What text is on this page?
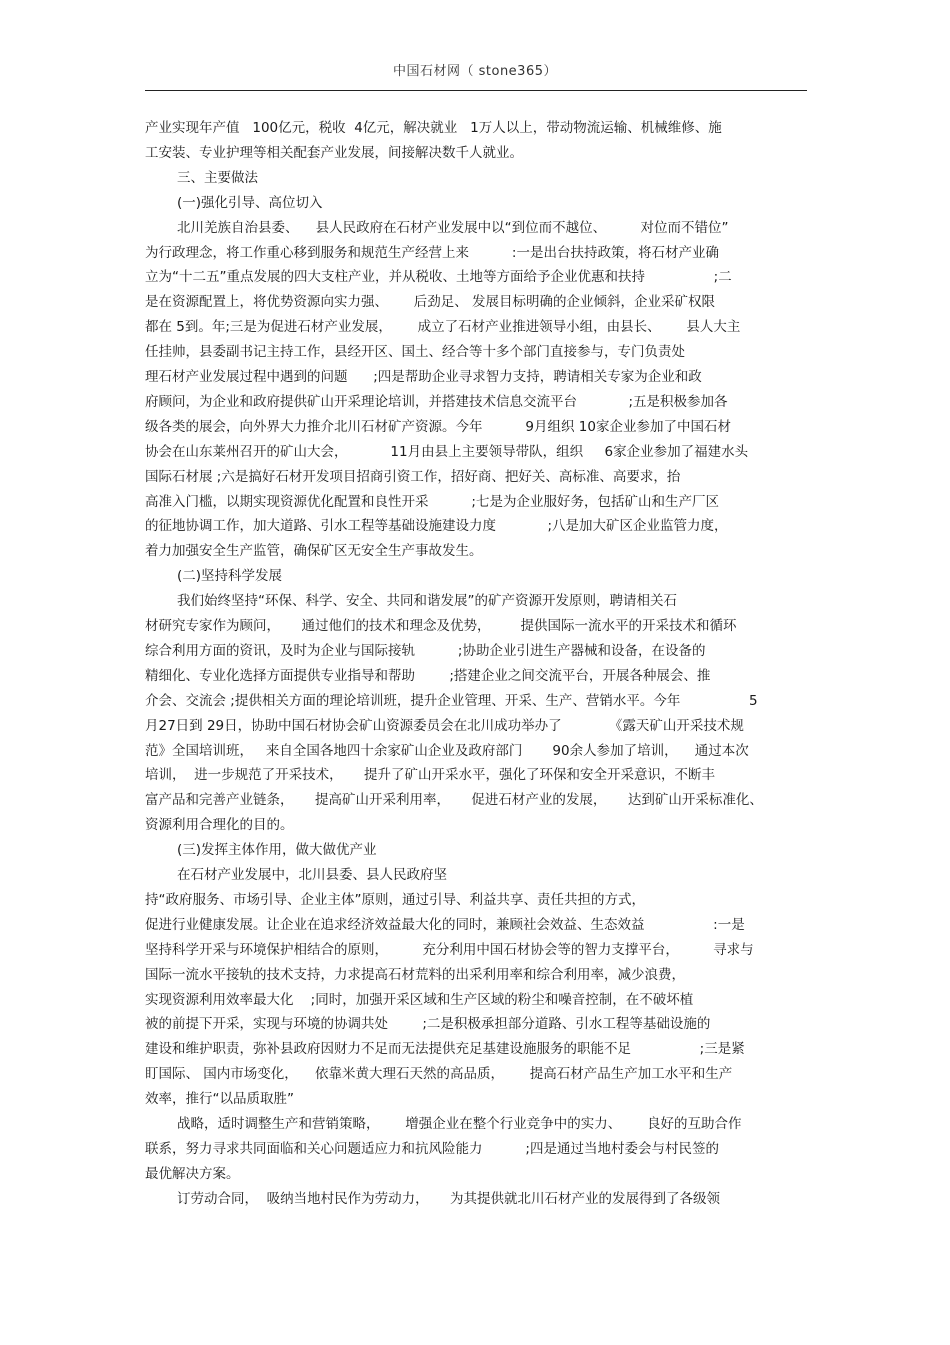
中国石材网（ stone365）
产业实现年产值   100亿元，税收  4亿元，解决就业   1万人以上，带动物流运输、机械维修、施
工安装、专业护理等相关配套产业发展，间接解决数千人就业。
三、主要做法
(一)强化引导、高位切入
北川羌族自治县委、    县人民政府在石材产业发展中以“到位而不越位、        对位而不错位”
为行政理念，将工作重心移到服务和规范生产经营上来          :一是出台扶持政策，将石材产业确
立为“十二五”重点发展的四大支柱产业，并从税收、土地等方面给予企业优惠和扶持                ;二
是在资源配置上，将优势资源向实力强、      后劲足、 发展目标明确的企业倾斜，企业采矿权限
都在 5到。年;三是为促进石材产业发展，      成立了石材产业推进领导小组，由县长、      县人大主
任挂帅，县委副书记主持工作，县经开区、国土、经合等十多个部门直接参与，专门负责处
理石材产业发展过程中遇到的问题      ;四是帮助企业寻求智力支持，聘请相关专家为企业和政
府顾问，为企业和政府提供矿山开采理论培训，并搭建技术信息交流平台            ;五是积极参加各
级各类的展会，向外界大力推介北川石材矿产资源。今年          9月组织 10家企业参加了中国石材
协会在山东莱州召开的矿山大会，          11月由县上主要领导带队，组织     6家企业参加了福建水头
国际石材展 ;六是搞好石材开发项目招商引资工作，招好商、把好关、高标准、高要求，抬
高准入门槛，以期实现资源优化配置和良性开采          ;七是为企业服好务，包括矿山和生产厂区
的征地协调工作，加大道路、引水工程等基础设施建设力度            ;八是加大矿区企业监管力度，
着力加强安全生产监管，确保矿区无安全生产事故发生。
(二)坚持科学发展
我们始终坚持“环保、科学、安全、共同和谐发展”的矿产资源开发原则，聘请相关石
材研究专家作为顾问，     通过他们的技术和理念及优势，       提供国际一流水平的开采技术和循环
综合利用方面的资讯，及时为企业与国际接轨          ;协助企业引进生产器械和设备，在设备的
精细化、专业化选择方面提供专业指导和帮助        ;搭建企业之间交流平台，开展各种展会、推
介会、交流会 ;提供相关方面的理论培训班，提升企业管理、开采、生产、营销水平。今年                5
月27日到 29日，协助中国石材协会矿山资源委员会在北川成功举办了           《露天矿山开采技术规
范》全国培训班，   来自全国各地四十余家矿山企业及政府部门       90余人参加了培训，    通过本次
培训，  进一步规范了开采技术，     提升了矿山开采水平，强化了环保和安全开采意识，不断丰
富产品和完善产业链条，     提高矿山开采利用率，     促进石材产业的发展，     达到矿山开采标准化、
资源利用合理化的目的。
(三)发挥主体作用，做大做优产业
在石材产业发展中，北川县委、县人民政府坚
持“政府服务、市场引导、企业主体”原则，通过引导、利益共享、责任共担的方式，
促进行业健康发展。让企业在追求经济效益最大化的同时，兼顾社会效益、生态效益                :一是
坚持科学开采与环境保护相结合的原则，        充分利用中国石材协会等的智力支撑平台，        寻求与
国际一流水平接轨的技术支持，力求提高石材荒料的出采利用率和综合利用率，减少浪费，
实现资源利用效率最大化    ;同时，加强开采区域和生产区域的粉尘和噪音控制，在不破坏植
被的前提下开采，实现与环境的协调共处        ;二是积极承担部分道路、引水工程等基础设施的
建设和维护职责，弥补县政府因财力不足而无法提供充足基建设施服务的职能不足                ;三是紧
盯国际、 国内市场变化，    依靠米黄大理石天然的高品质，      提高石材产品生产加工水平和生产
效率，推行“以品质取胜”
战略，适时调整生产和营销策略，      增强企业在整个行业竞争中的实力、      良好的互助合作
联系，努力寻求共同面临和关心问题适应力和抗风险能力          ;四是通过当地村委会与村民签的
最优解决方案。
订劳动合同，  吸纳当地村民作为劳动力，     为其提供就北川石材产业的发展得到了各级领
